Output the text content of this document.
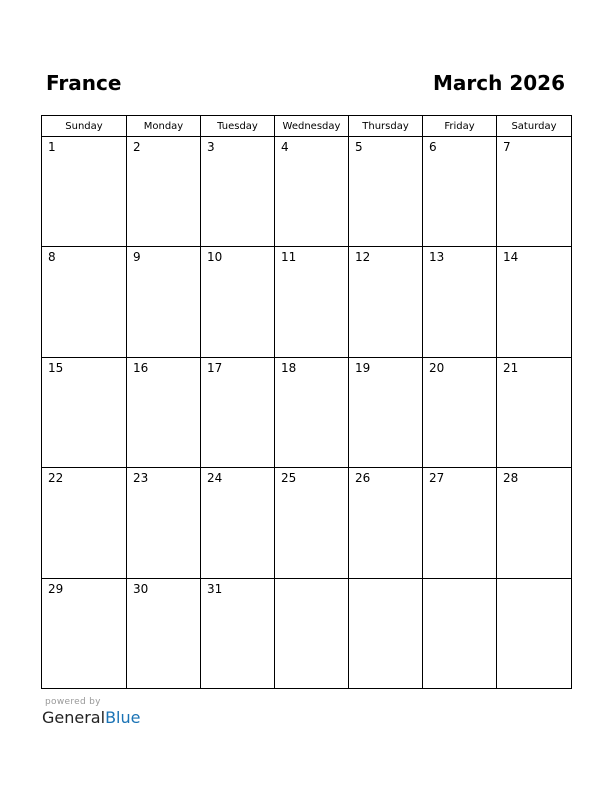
France	March 2026
Sunday	Monday	Tuesday	Wednesday	Thursday	Friday	Saturday

1	2	3	4	5	6	7

8	9	10	11	12	13	14

15	16	17	18	19	20	21

22	23	24	25	26	27	28

29	30	31				

powered by
GeneralBlue
